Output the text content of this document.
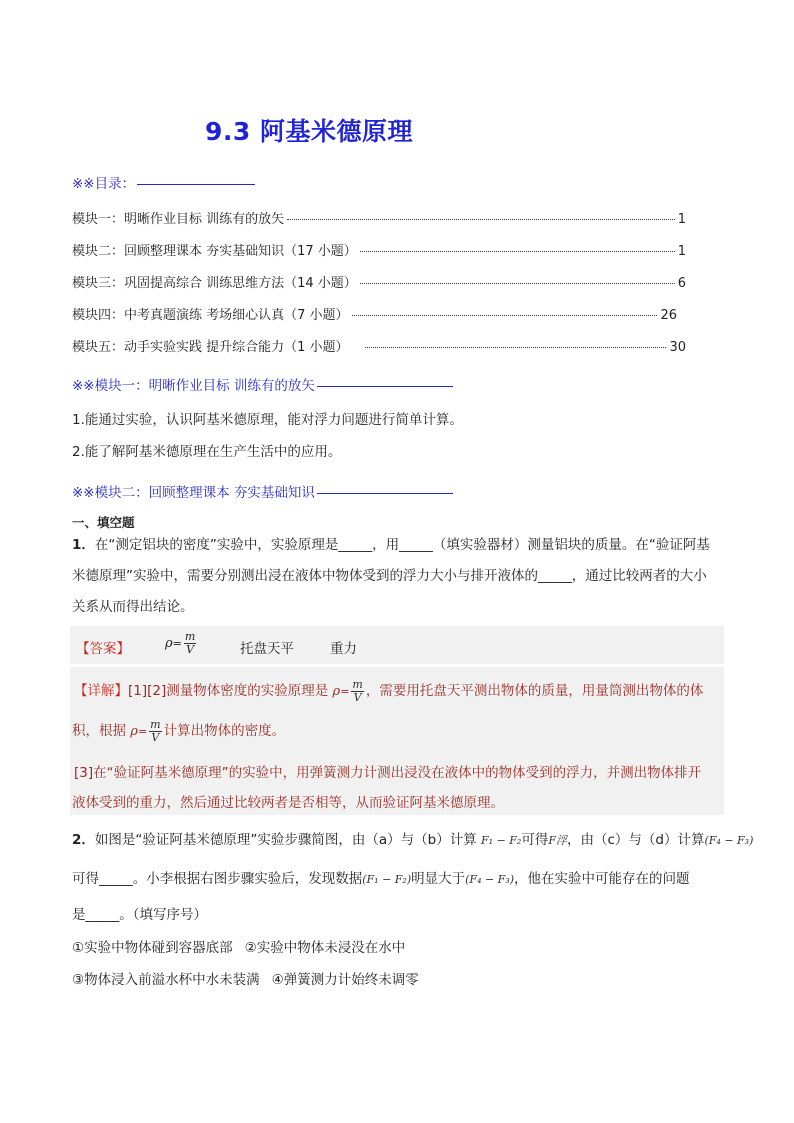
9.3 阿基米德原理
※※目录：
模块一：明晰作业目标 训练有的放矢	1
模块二：回顾整理课本 夯实基础知识（17 小题）	1
模块三：巩固提高综合 训练思维方法（14 小题）	6
模块四：中考真题演练 考场细心认真（7 小题）	26
模块五：动手实验实践 提升综合能力（1 小题）	30
※※模块一：明晰作业目标 训练有的放矢
1.能通过实验，认识阿基米德原理，能对浮力问题进行简单计算。
2.能了解阿基米德原理在生产生活中的应用。
※※模块二：回顾整理课本 夯实基础知识
一、填空题
1．在“测定铝块的密度”实验中，实验原理是_____，用_____（填实验器材）测量铝块的质量。在“验证阿基
米德原理”实验中，需要分别测出浸在液体中物体受到的浮力大小与排开液体的_____，通过比较两者的大小
关系从而得出结论。
【答案】	$\rho= \frac{m}{V}$	托盘天平	重力
【详解】[1][2]测量物体密度的实验原理是 $\rho= \frac{m}{V}$ ，需要用托盘天平测出物体的质量，用量筒测出物体的体
积，根据 $\rho= \frac{m}{V}$ 计算出物体的密度。
[3]在“验证阿基米德原理”的实验中，用弹簧测力计测出浸没在液体中的物体受到的浮力，并测出物体排开
液体受到的重力，然后通过比较两者是否相等，从而验证阿基米德原理。
2．如图是“验证阿基米德原理”实验步骤简图，由（a）与（b）计算 F₁ − F₂可得F浮，由（c）与（d）计算(F₄ − F₃)
可得_____。小李根据右图步骤实验后，发现数据(F₁ − F₂)明显大于(F₄ − F₃)，他在实验中可能存在的问题
是_____。（填写序号）
①实验中物体碰到容器底部 ②实验中物体未浸没在水中
③物体浸入前溢水杯中水未装满 ④弹簧测力计始终未调零
